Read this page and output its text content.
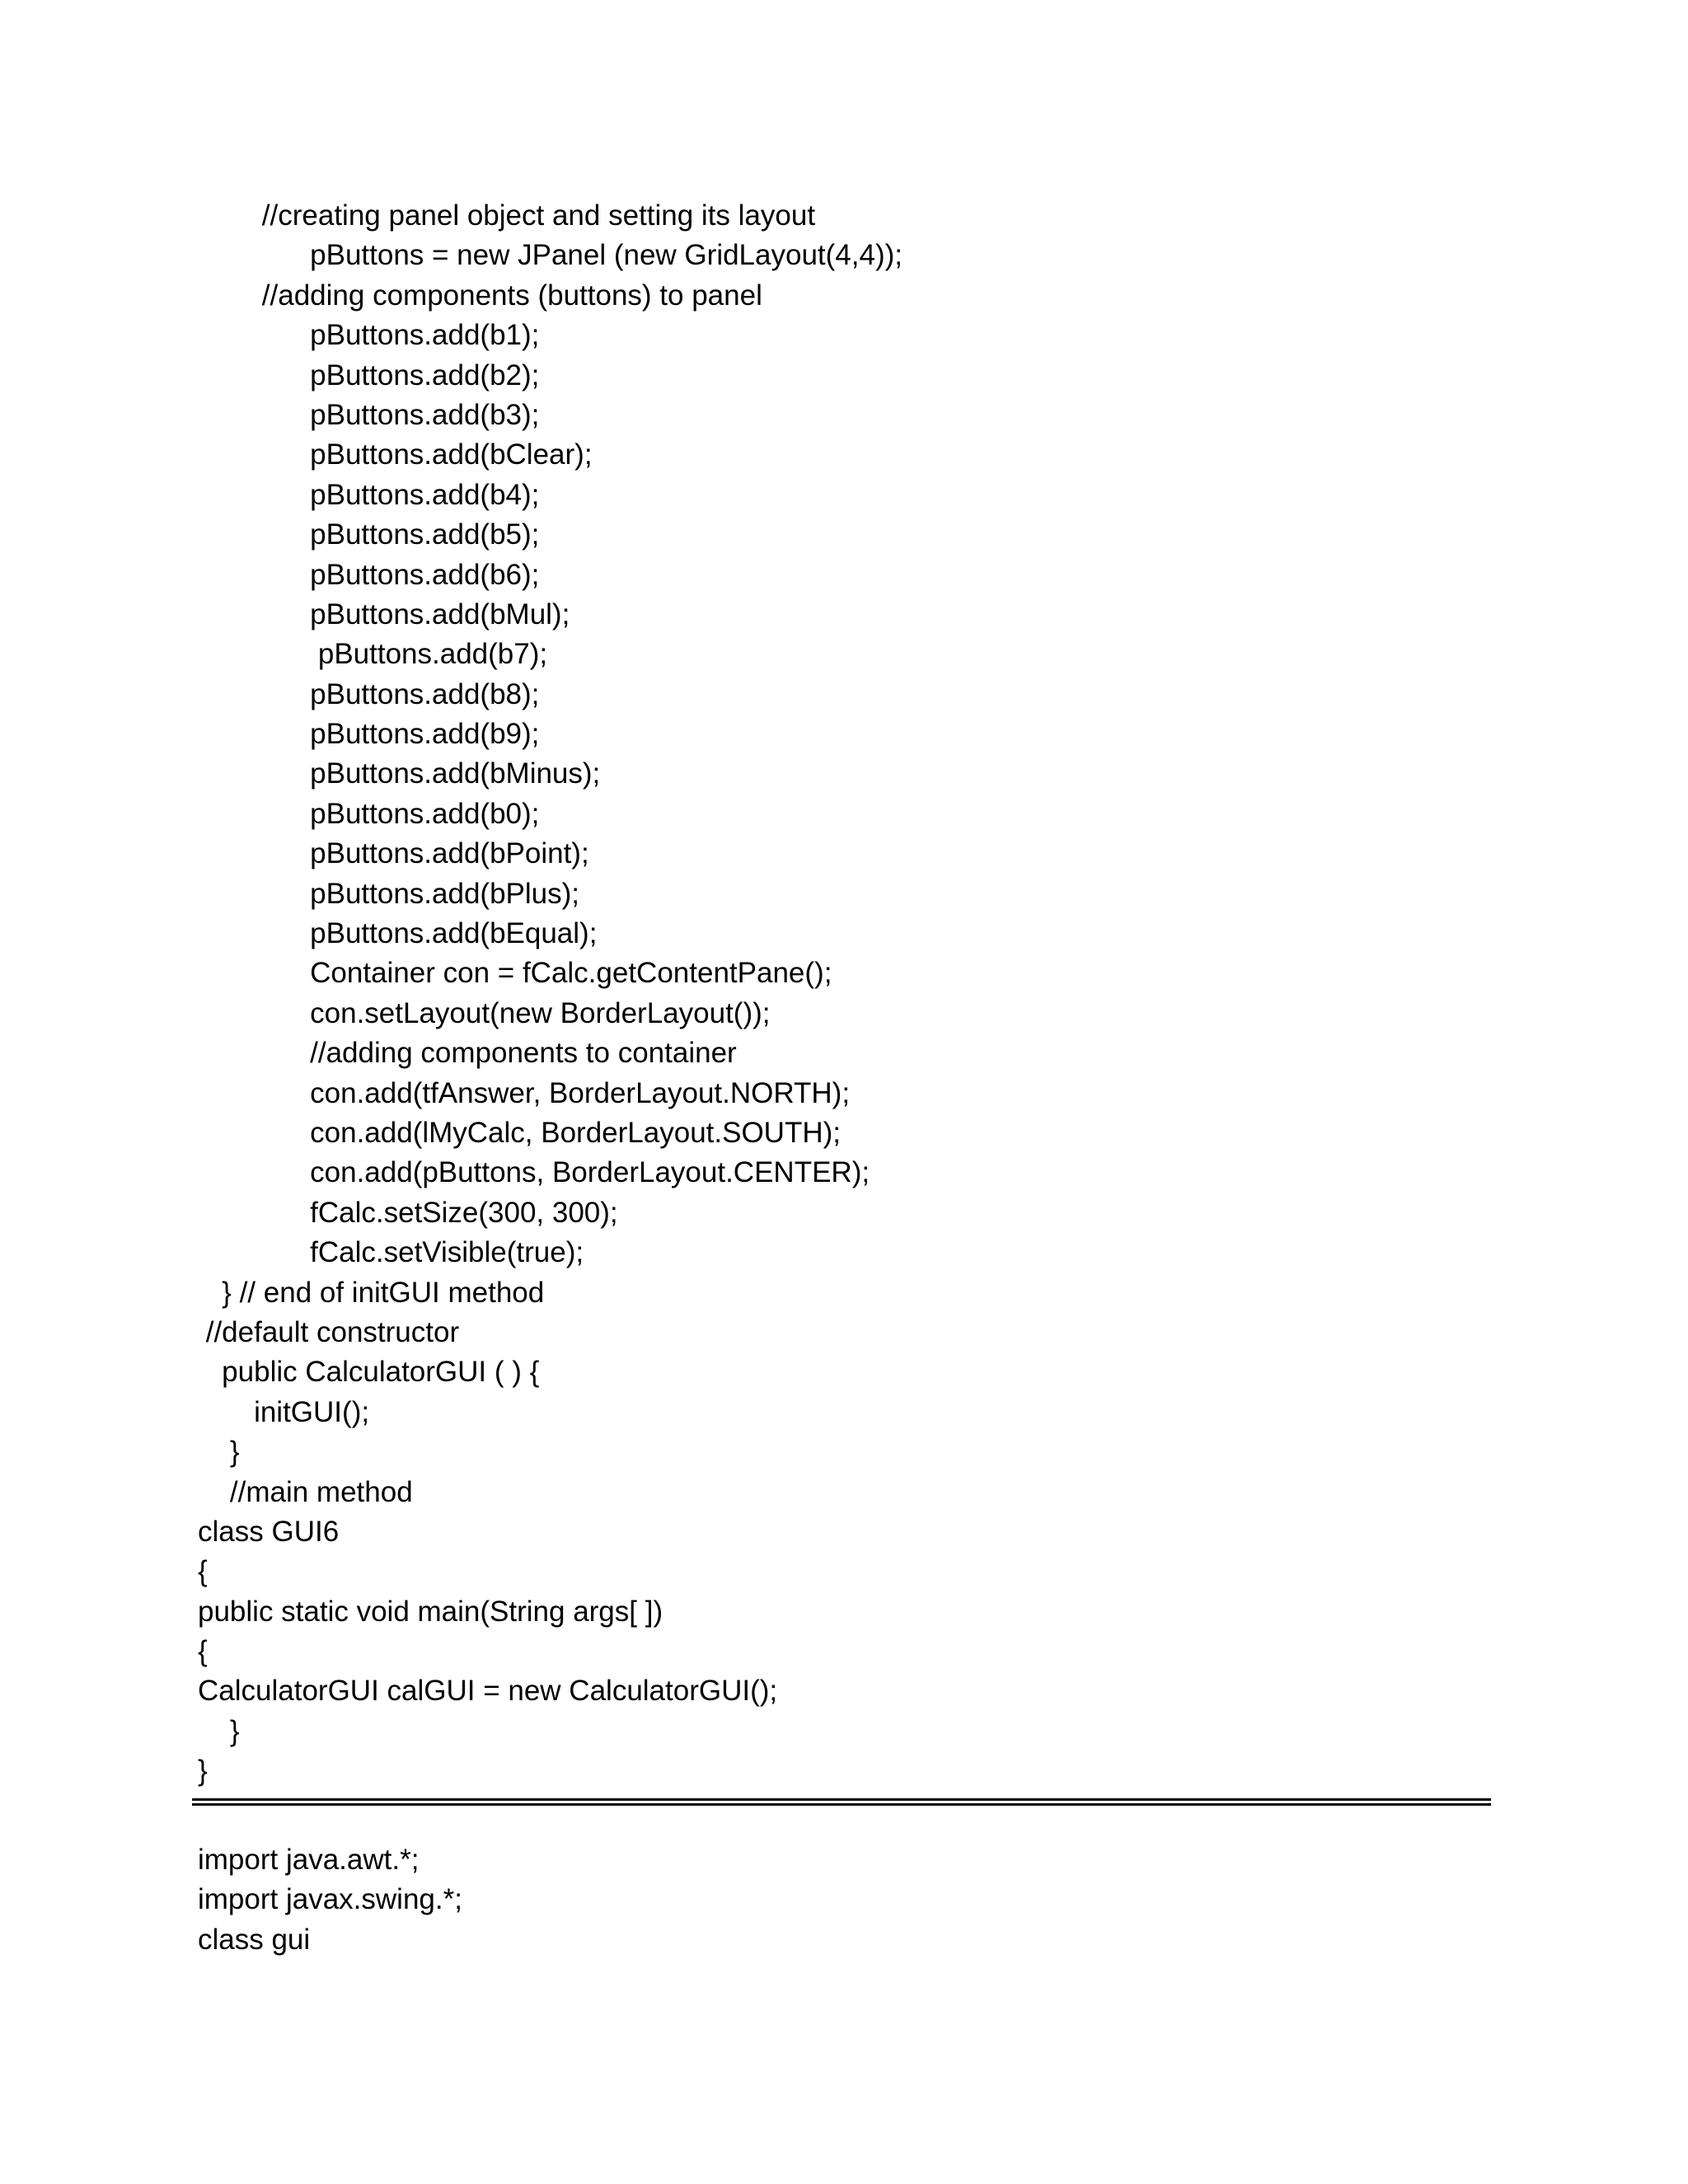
//creating panel object and setting its layout
pButtons = new JPanel (new GridLayout(4,4));
//adding components (buttons) to panel
pButtons.add(b1);
pButtons.add(b2);
pButtons.add(b3);
pButtons.add(bClear);
pButtons.add(b4);
pButtons.add(b5);
pButtons.add(b6);
pButtons.add(bMul);
pButtons.add(b7);
pButtons.add(b8);
pButtons.add(b9);
pButtons.add(bMinus);
pButtons.add(b0);
pButtons.add(bPoint);
pButtons.add(bPlus);
pButtons.add(bEqual);
Container con = fCalc.getContentPane();
con.setLayout(new BorderLayout());
//adding components to container
con.add(tfAnswer, BorderLayout.NORTH);
con.add(lMyCalc, BorderLayout.SOUTH);
con.add(pButtons, BorderLayout.CENTER);
fCalc.setSize(300, 300);
fCalc.setVisible(true);
} // end of initGUI method
//default constructor
public CalculatorGUI ( ) {
initGUI();
}
//main method
class GUI6
{
public static void main(String args[ ])
{
CalculatorGUI calGUI = new CalculatorGUI();
}
}
import java.awt.*;
import javax.swing.*;
class gui
